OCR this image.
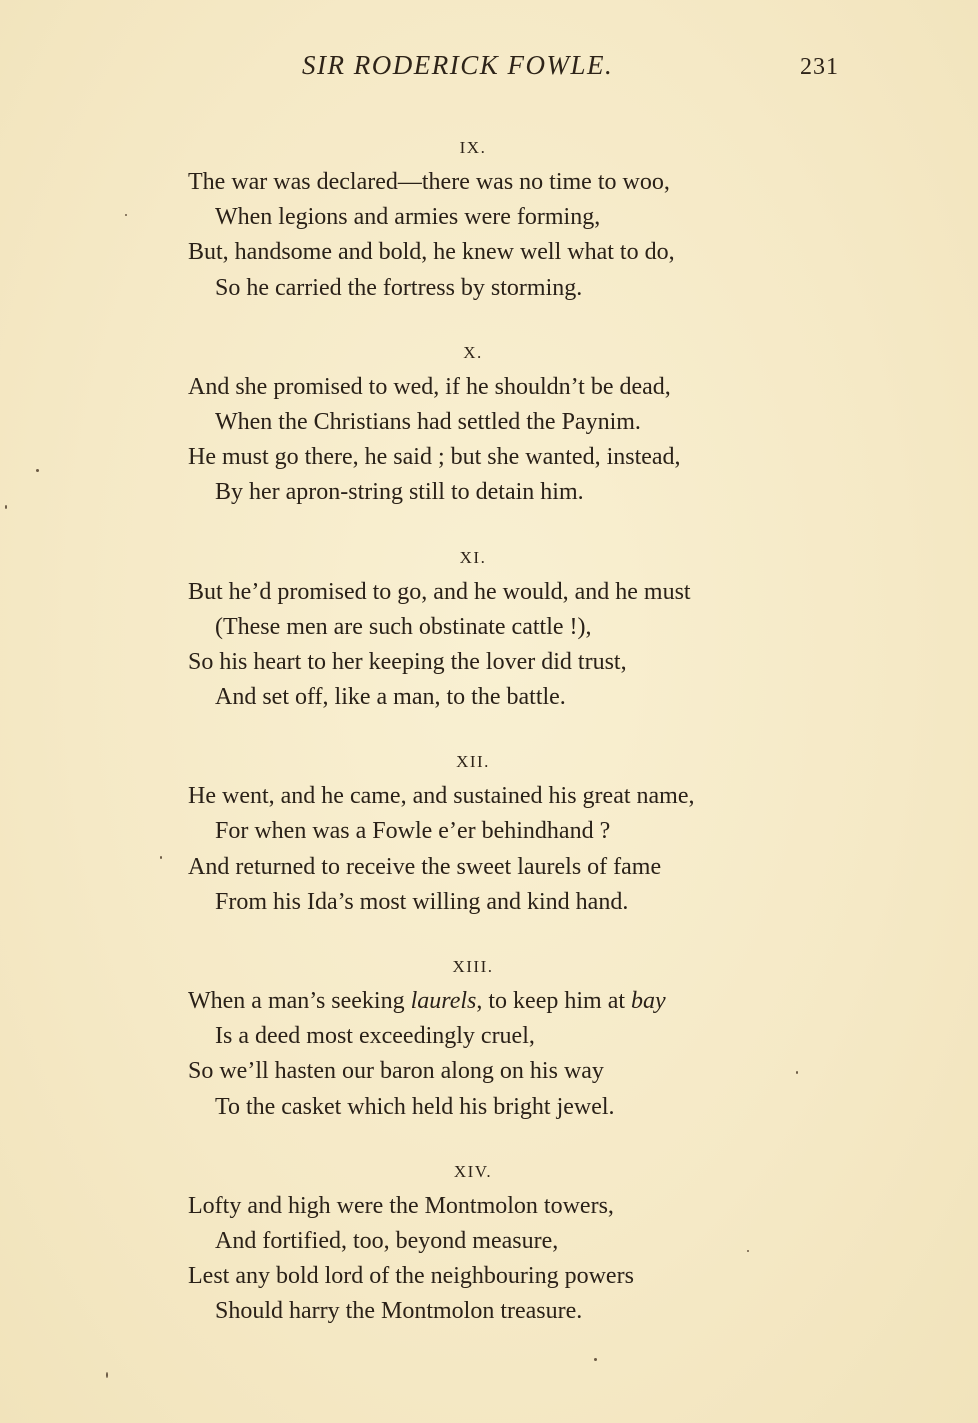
SIR RODERICK FOWLE.	231
IX.
The war was declared—there was no time to woo,
When legions and armies were forming,
But, handsome and bold, he knew well what to do,
So he carried the fortress by storming.
X.
And she promised to wed, if he shouldn’t be dead,
When the Christians had settled the Paynim.
He must go there, he said ; but she wanted, instead,
By her apron-string still to detain him.
XI.
But he’d promised to go, and he would, and he must
(These men are such obstinate cattle !),
So his heart to her keeping the lover did trust,
And set off, like a man, to the battle.
XII.
He went, and he came, and sustained his great name,
For when was a Fowle e’er behindhand ?
And returned to receive the sweet laurels of fame
From his Ida’s most willing and kind hand.
XIII.
When a man’s seeking laurels, to keep him at bay
Is a deed most exceedingly cruel,
So we’ll hasten our baron along on his way
To the casket which held his bright jewel.
XIV.
Lofty and high were the Montmolon towers,
And fortified, too, beyond measure,
Lest any bold lord of the neighbouring powers
Should harry the Montmolon treasure.
